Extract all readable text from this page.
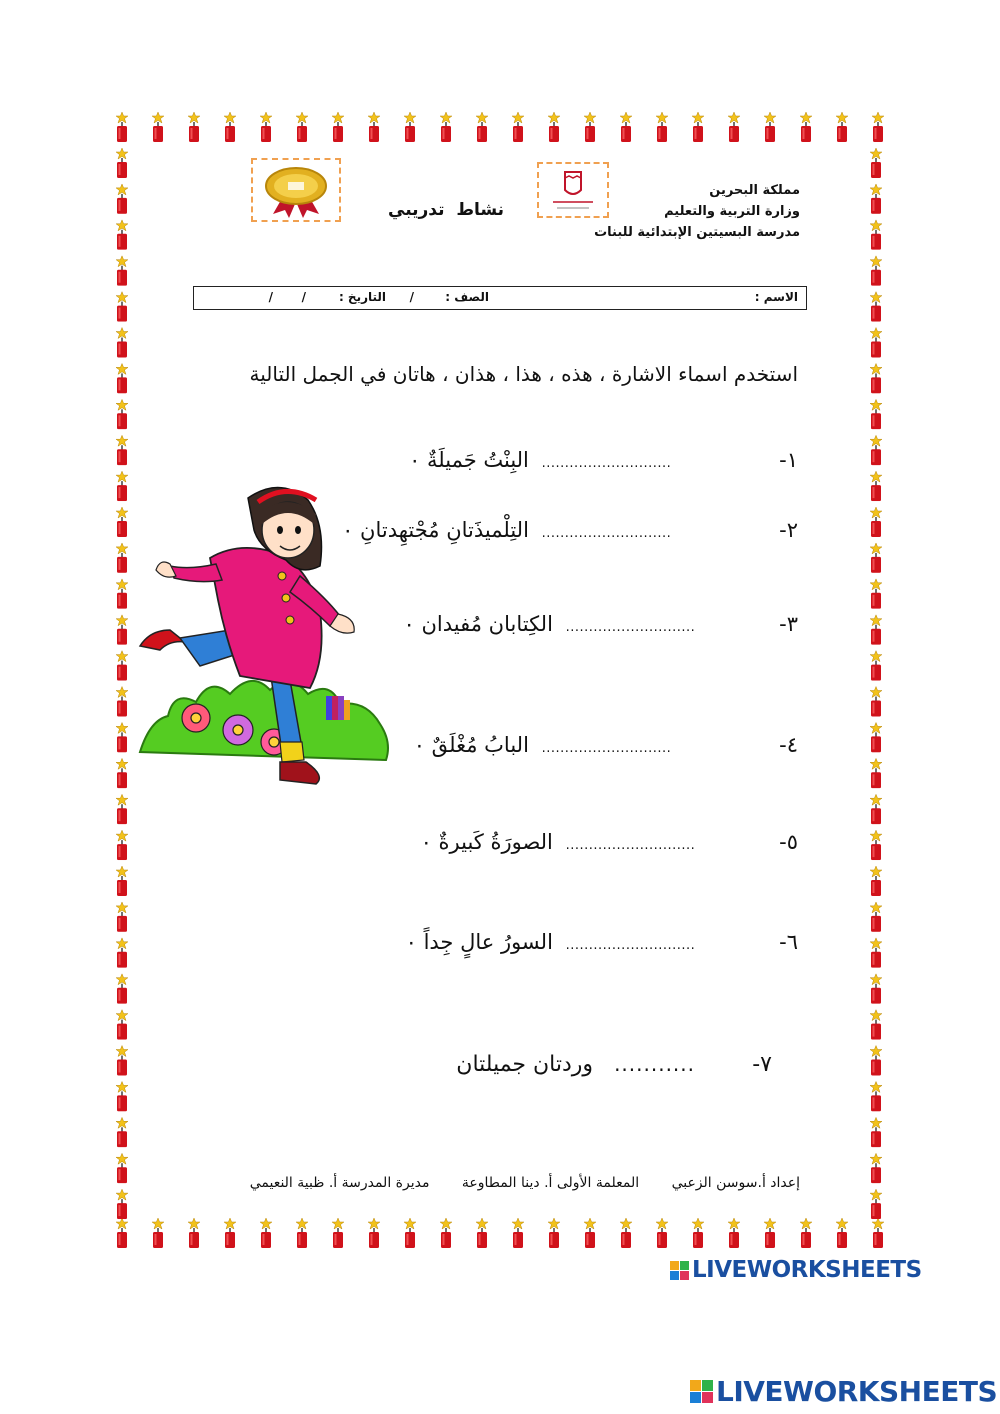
مملكة البحرين
وزارة التربية والتعليم
مدرسة البسيتين الإبتدائية للبنات
نشاط  تدريبي
الاسم :
الصف :
/
التاريخ :
/
/
استخدم اسماء الاشارة ، هذه ، هذا ، هذان ، هاتان في الجمل التالية
١- ............................ البِنْتُ جَميلَةٌ ۰
٢- ............................ التِلْميذَتانِ مُجْتهِدتانِ ۰
٣- ............................ الكِتابان مُفيدان ۰
٤- ............................ البابُ مُغْلَقٌ ۰
٥- ............................ الصورَةُ كَبيرةٌ ۰
٦- ............................ السورُ عالٍ جِداً ۰
٧- ........... وردتان جميلتان
إعداد أ.سوسن الزعبي المعلمة الأولى أ. دينا المطاوعة مديرة المدرسة أ. ظبية النعيمي
LIVEWORKSHEETS
LIVEWORKSHEETS
